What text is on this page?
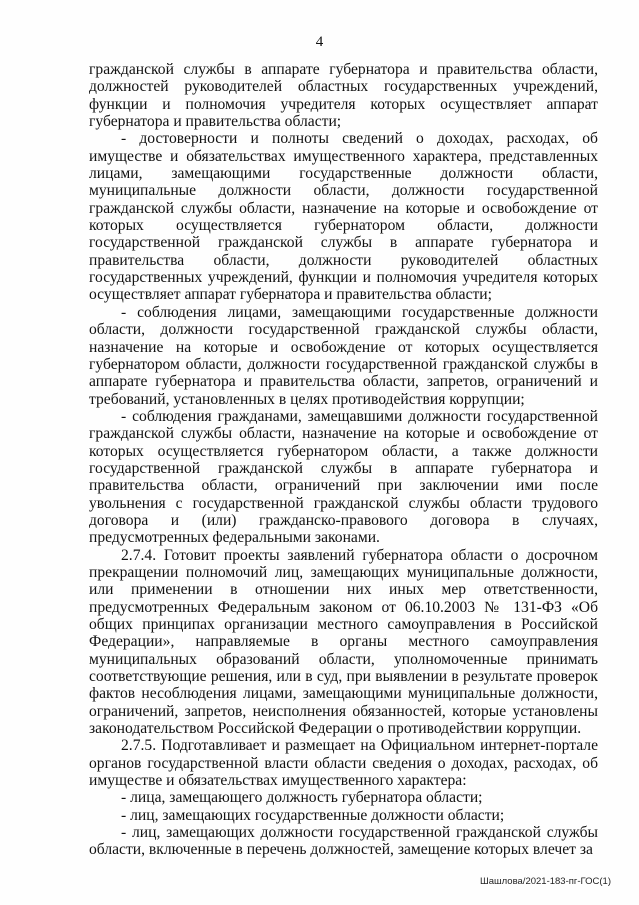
4

гражданской службы в аппарате губернатора и правительства области, должностей руководителей областных государственных учреждений, функции и полномочия учредителя которых осуществляет аппарат губернатора и правительства области;

- достоверности и полноты сведений о доходах, расходах, об имуществе и обязательствах имущественного характера, представленных лицами, замещающими государственные должности области, муниципальные должности области, должности государственной гражданской службы области, назначение на которые и освобождение от которых осуществляется губернатором области, должности государственной гражданской службы в аппарате губернатора и правительства области, должности руководителей областных государственных учреждений, функции и полномочия учредителя которых осуществляет аппарат губернатора и правительства области;

- соблюдения лицами, замещающими государственные должности области, должности государственной гражданской службы области, назначение на которые и освобождение от которых осуществляется губернатором области, должности государственной гражданской службы в аппарате губернатора и правительства области, запретов, ограничений и требований, установленных в целях противодействия коррупции;

- соблюдения гражданами, замещавшими должности государственной гражданской службы области, назначение на которые и освобождение от которых осуществляется губернатором области, а также должности государственной гражданской службы в аппарате губернатора и правительства области, ограничений при заключении ими после увольнения с государственной гражданской службы области трудового договора и (или) гражданско-правового договора в случаях, предусмотренных федеральными законами.

2.7.4. Готовит проекты заявлений губернатора области о досрочном прекращении полномочий лиц, замещающих муниципальные должности, или применении в отношении них иных мер ответственности, предусмотренных Федеральным законом от 06.10.2003 № 131-ФЗ «Об общих принципах организации местного самоуправления в Российской Федерации», направляемые в органы местного самоуправления муниципальных образований области, уполномоченные принимать соответствующие решения, или в суд, при выявлении в результате проверок фактов несоблюдения лицами, замещающими муниципальные должности, ограничений, запретов, неисполнения обязанностей, которые установлены законодательством Российской Федерации о противодействии коррупции.

2.7.5. Подготавливает и размещает на Официальном интернет-портале органов государственной власти области сведения о доходах, расходах, об имуществе и обязательствах имущественного характера:

- лица, замещающего должность губернатора области;

- лиц, замещающих государственные должности области;

- лиц, замещающих должности государственной гражданской службы области, включенные в перечень должностей, замещение которых влечет за

Шашлова/2021-183-пг-ГОС(1)
